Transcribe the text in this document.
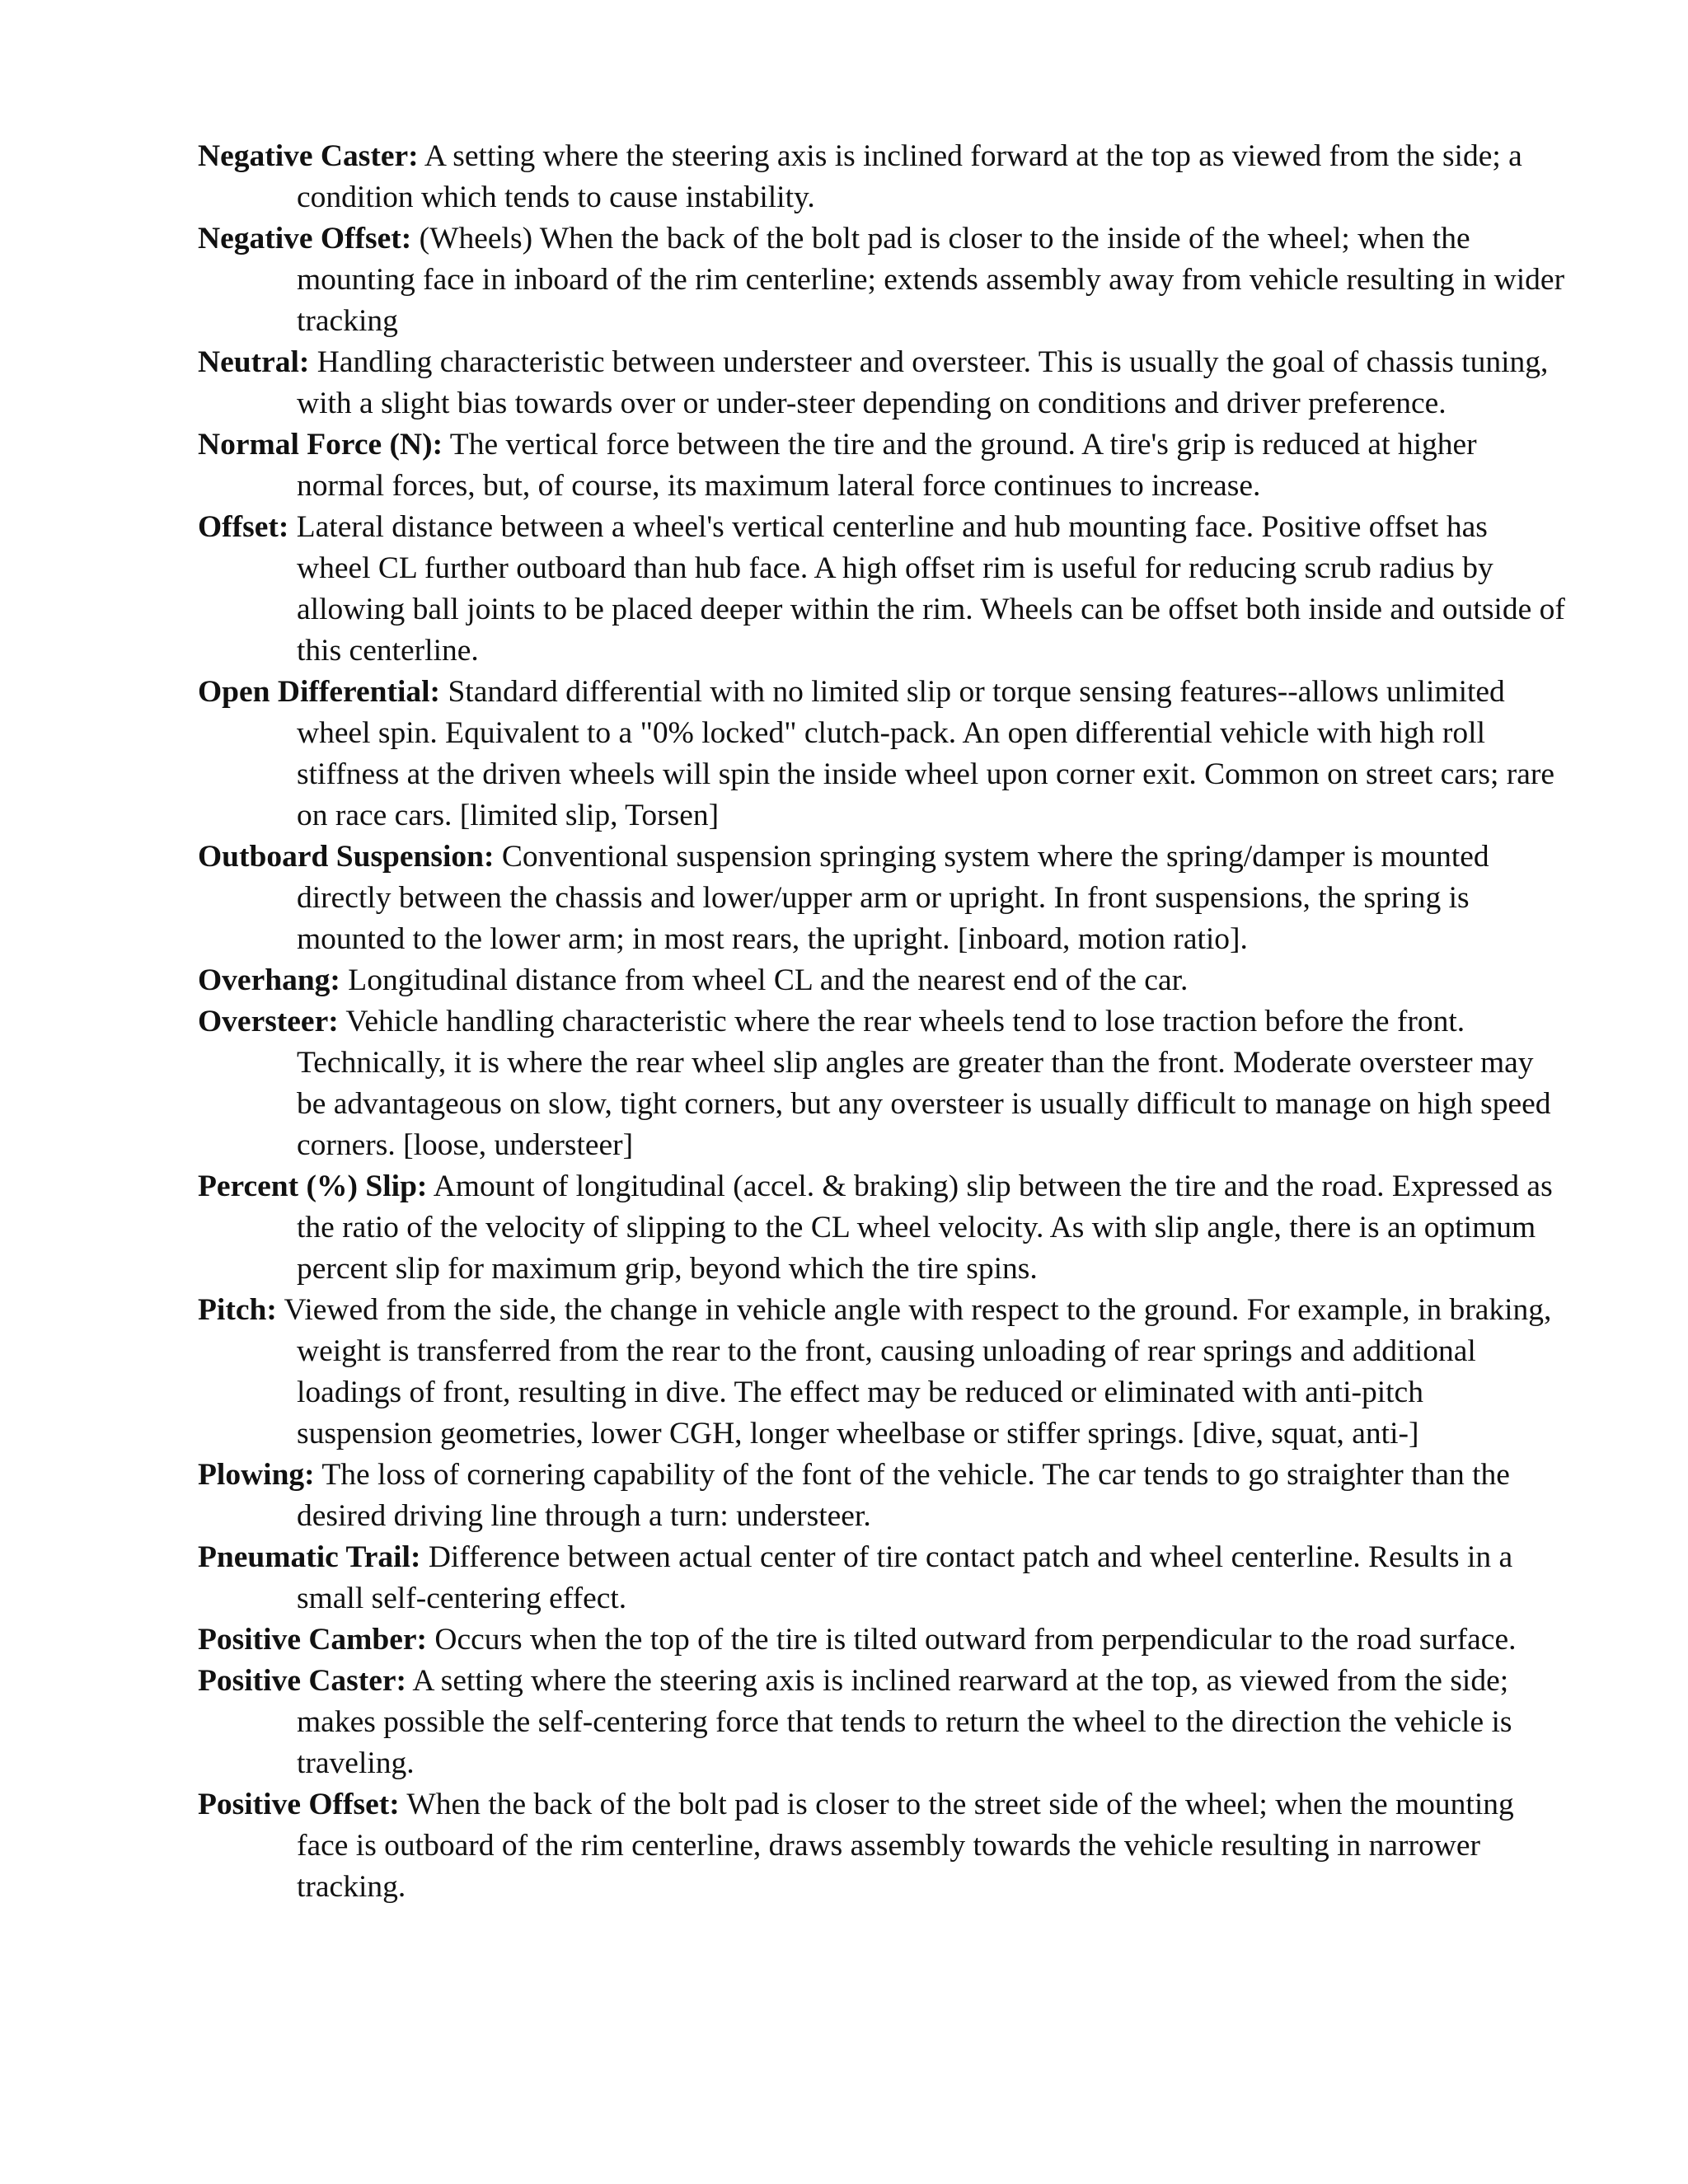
Negative Caster: A setting where the steering axis is inclined forward at the top as viewed from the side; a condition which tends to cause instability.

Negative Offset: (Wheels) When the back of the bolt pad is closer to the inside of the wheel; when the mounting face in inboard of the rim centerline; extends assembly away from vehicle resulting in wider tracking

Neutral: Handling characteristic between understeer and oversteer. This is usually the goal of chassis tuning, with a slight bias towards over or under-steer depending on conditions and driver preference.

Normal Force (N): The vertical force between the tire and the ground. A tire's grip is reduced at higher normal forces, but, of course, its maximum lateral force continues to increase.

Offset: Lateral distance between a wheel's vertical centerline and hub mounting face. Positive offset has wheel CL further outboard than hub face. A high offset rim is useful for reducing scrub radius by allowing ball joints to be placed deeper within the rim. Wheels can be offset both inside and outside of this centerline.

Open Differential: Standard differential with no limited slip or torque sensing features--allows unlimited wheel spin. Equivalent to a "0% locked" clutch-pack. An open differential vehicle with high roll stiffness at the driven wheels will spin the inside wheel upon corner exit. Common on street cars; rare on race cars. [limited slip, Torsen]

Outboard Suspension: Conventional suspension springing system where the spring/damper is mounted directly between the chassis and lower/upper arm or upright. In front suspensions, the spring is mounted to the lower arm; in most rears, the upright. [inboard, motion ratio].

Overhang: Longitudinal distance from wheel CL and the nearest end of the car.

Oversteer: Vehicle handling characteristic where the rear wheels tend to lose traction before the front. Technically, it is where the rear wheel slip angles are greater than the front. Moderate oversteer may be advantageous on slow, tight corners, but any oversteer is usually difficult to manage on high speed corners. [loose, understeer]

Percent (%) Slip: Amount of longitudinal (accel. & braking) slip between the tire and the road. Expressed as the ratio of the velocity of slipping to the CL wheel velocity. As with slip angle, there is an optimum percent slip for maximum grip, beyond which the tire spins.

Pitch: Viewed from the side, the change in vehicle angle with respect to the ground. For example, in braking, weight is transferred from the rear to the front, causing unloading of rear springs and additional loadings of front, resulting in dive. The effect may be reduced or eliminated with anti-pitch suspension geometries, lower CGH, longer wheelbase or stiffer springs. [dive, squat, anti-]

Plowing: The loss of cornering capability of the font of the vehicle. The car tends to go straighter than the desired driving line through a turn: understeer.

Pneumatic Trail: Difference between actual center of tire contact patch and wheel centerline. Results in a small self-centering effect.

Positive Camber: Occurs when the top of the tire is tilted outward from perpendicular to the road surface.

Positive Caster: A setting where the steering axis is inclined rearward at the top, as viewed from the side; makes possible the self-centering force that tends to return the wheel to the direction the vehicle is traveling.

Positive Offset: When the back of the bolt pad is closer to the street side of the wheel; when the mounting face is outboard of the rim centerline, draws assembly towards the vehicle resulting in narrower tracking.
